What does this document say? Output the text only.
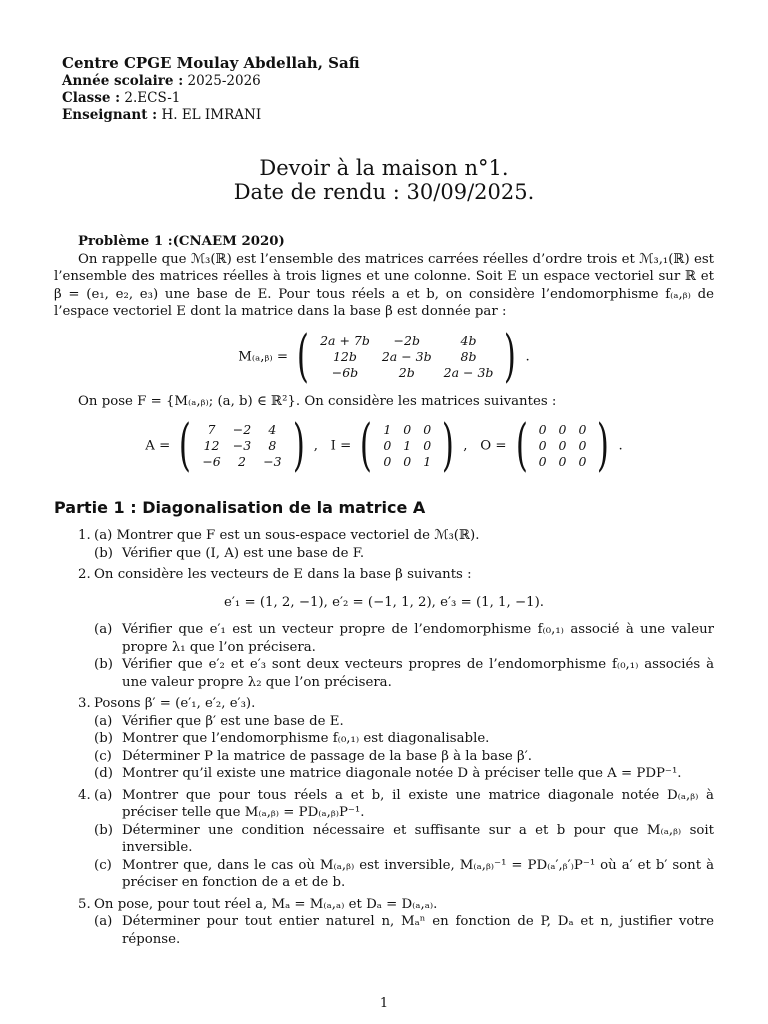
Centre CPGE Moulay Abdellah, Safi
Année scolaire : 2025-2026
Classe : 2.ECS-1
Enseignant : H. EL IMRANI
Devoir à la maison n°1.
Date de rendu : 30/09/2025.

Problème 1 :(CNAEM 2020)

On rappelle que ℳ₃(ℝ) est l’ensemble des matrices carrées réelles d’ordre trois et ℳ₃,₁(ℝ) est l’ensemble des matrices réelles à trois lignes et une colonne. Soit E un espace vectoriel sur ℝ et β = (e₁, e₂, e₃) une base de E. Pour tous réels a et b, on considère l’endomorphisme f₍ₐ,ᵦ₎ de l’espace vectoriel E dont la matrice dans la base β est donnée par :

M₍ₐ,ᵦ₎ = ( 2a + 7b	−2b	4b
12b	2a − 3b	8b
−6b	2b	2a − 3b ) .

On pose F = {M₍ₐ,ᵦ₎; (a, b) ∈ ℝ²}. On considère les matrices suivantes :

A = ( 7	−2	4
12	−3	8
−6	2	−3 ) ,   I = ( 1	0	0
0	1	0
0	0	1 ) ,   O = ( 0	0	0
0	0	0
0	0	0 ) .
Partie 1 : Diagonalisation de la matrice A

1. (a) Montrer que F est un sous-espace vectoriel de ℳ₃(ℝ).

(b) Vérifier que (I, A) est une base de F.

2. On considère les vecteurs de E dans la base β suivants :

e′₁ = (1, 2, −1), e′₂ = (−1, 1, 2), e′₃ = (1, 1, −1).

(a) Vérifier que e′₁ est un vecteur propre de l’endomorphisme f₍₀,₁₎ associé à une valeur propre λ₁ que l’on précisera.

(b) Vérifier que e′₂ et e′₃ sont deux vecteurs propres de l’endomorphisme f₍₀,₁₎ associés à une valeur propre λ₂ que l’on précisera.

3. Posons β′ = (e′₁, e′₂, e′₃).

(a) Vérifier que β′ est une base de E.

(b) Montrer que l’endomorphisme f₍₀,₁₎ est diagonalisable.

(c) Déterminer P la matrice de passage de la base β à la base β′.

(d) Montrer qu’il existe une matrice diagonale notée D à préciser telle que A = PDP⁻¹.

4. (a) Montrer que pour tous réels a et b, il existe une matrice diagonale notée D₍ₐ,ᵦ₎ à préciser telle que M₍ₐ,ᵦ₎ = PD₍ₐ,ᵦ₎P⁻¹.

(b) Déterminer une condition nécessaire et suffisante sur a et b pour que M₍ₐ,ᵦ₎ soit inversible.

(c) Montrer que, dans le cas où M₍ₐ,ᵦ₎ est inversible, M₍ₐ,ᵦ₎⁻¹ = PD₍ₐ′,ᵦ′₎P⁻¹ où a′ et b′ sont à préciser en fonction de a et de b.

5. On pose, pour tout réel a, Mₐ = M₍ₐ,ₐ₎ et Dₐ = D₍ₐ,ₐ₎.

(a) Déterminer pour tout entier naturel n, Mₐⁿ en fonction de P, Dₐ et n, justifier votre réponse.

1
